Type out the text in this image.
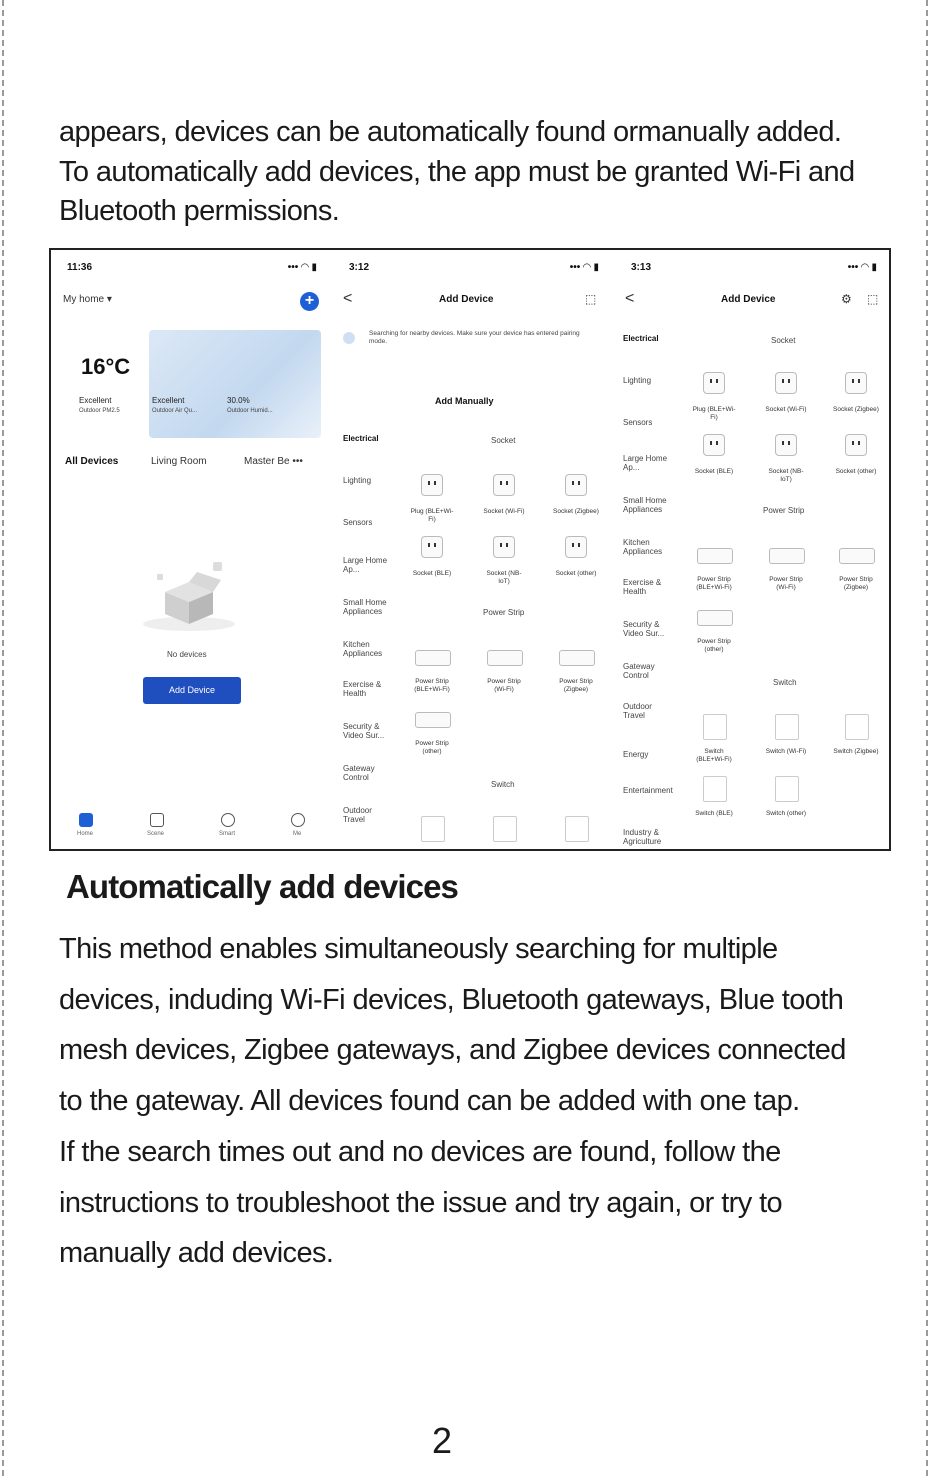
appears, devices can be automatically found ormanually added. To automatically add devices, the app must be granted Wi-Fi and Bluetooth permissions.

11:36	••• ◠ ▮
My home ▾	+
16°C
Excellent
Outdoor PM2.5
Excellent
Outdoor Air Qu...
30.0%
Outdoor Humid...
All Devices	Living Room	Master Be •••
No devices
Add Device
Home	Scene	Smart	Me
3:12	••• ◠ ▮
<	Add Device	⬚
Searching for nearby devices. Make sure your device has entered pairing mode.
Add Manually
Electrical
Lighting
Sensors
Large Home Ap...
Small Home Appliances
Kitchen Appliances
Exercise & Health
Security & Video Sur...
Gateway Control
Outdoor Travel
Socket
Plug (BLE+Wi-Fi)
Socket (Wi-Fi)	Socket (Zigbee)
Socket (BLE)	Socket (NB-IoT)
Socket (other)
Power Strip
Power Strip (BLE+Wi-Fi)
Power Strip (Wi-Fi)
Power Strip (Zigbee)
Power Strip (other)
Switch
3:13	••• ◠ ▮
<	Add Device	⚙ ⬚
Electrical
Lighting
Sensors
Large Home Ap...
Small Home Appliances
Kitchen Appliances
Exercise & Health
Security & Video Sur...
Gateway Control
Outdoor Travel
Energy
Entertainment
Industry & Agriculture
Socket
Plug (BLE+Wi-Fi)
Socket (Wi-Fi)	Socket (Zigbee)
Socket (BLE)	Socket (NB-IoT)
Socket (other)
Power Strip
Power Strip (BLE+Wi-Fi)
Power Strip (Wi-Fi)
Power Strip (Zigbee)
Power Strip (other)
Switch
Switch (BLE+Wi-Fi)
Switch (Wi-Fi)	Switch (Zigbee)
Switch (BLE)	Switch (other)
Automatically add devices
This method enables simultaneously searching for multiple devices, induding Wi-Fi devices, Bluetooth gateways, Blue tooth mesh devices, Zigbee gateways, and Zigbee devices connected to the gateway. All devices found can be added with one tap.
If the search times out and no devices are found, follow the instructions to troubleshoot the issue and try again, or try to manually add devices.
2
